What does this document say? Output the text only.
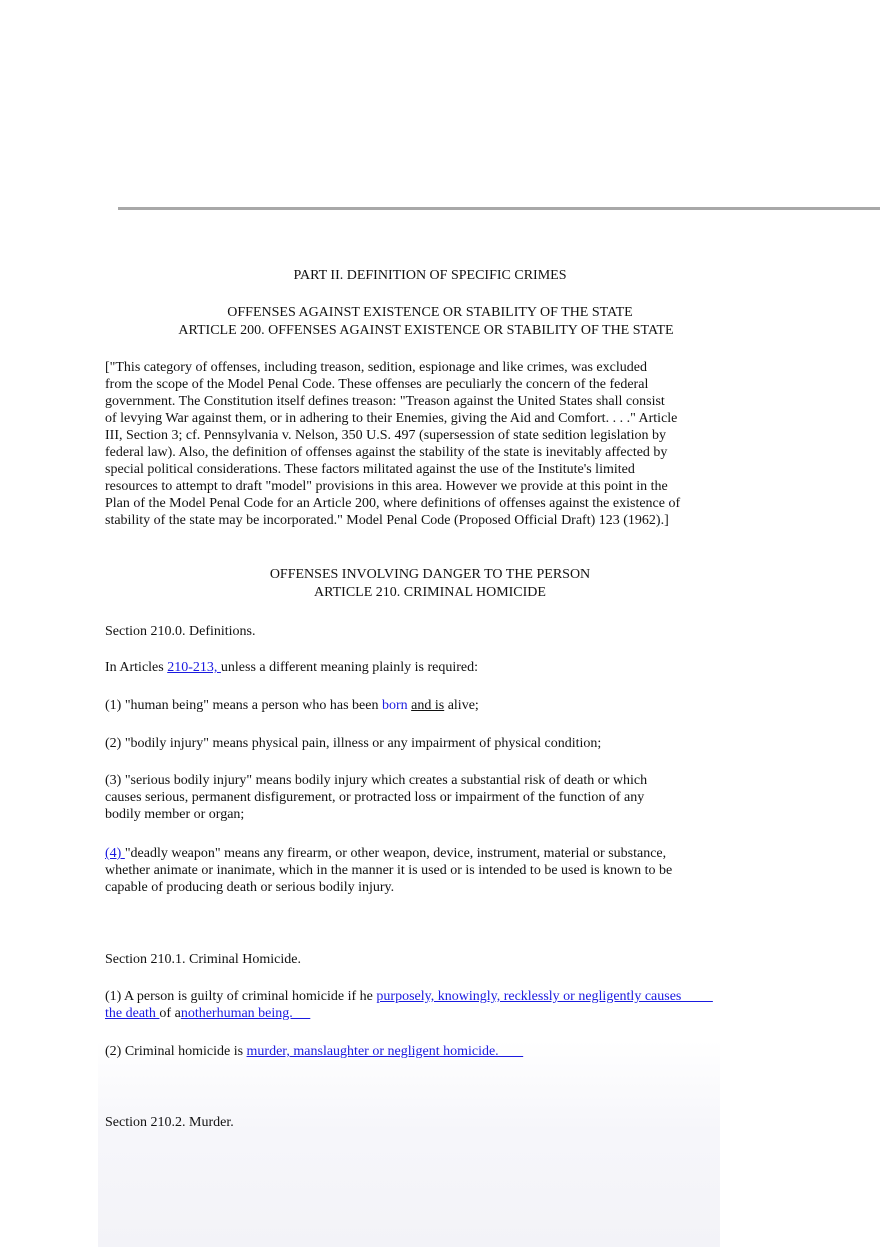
PART II. DEFINITION OF SPECIFIC CRIMES
OFFENSES AGAINST EXISTENCE OR STABILITY OF THE STATE
ARTICLE 200. OFFENSES AGAINST EXISTENCE OR STABILITY OF THE STATE
["This category of offenses, including treason, sedition, espionage and like crimes, was excluded
from the scope of the Model Penal Code. These offenses are peculiarly the concern of the federal
government. The Constitution itself defines treason: "Treason against the United States shall consist
of levying War against them, or in adhering to their Enemies, giving the Aid and Comfort. . . ." Article
III, Section 3; cf. Pennsylvania v. Nelson, 350 U.S. 497 (supersession of state sedition legislation by
federal law). Also, the definition of offenses against the stability of the state is inevitably affected by
special political considerations. These factors militated against the use of the Institute's limited
resources to attempt to draft "model" provisions in this area. However we provide at this point in the
Plan of the Model Penal Code for an Article 200, where definitions of offenses against the existence of
stability of the state may be incorporated." Model Penal Code (Proposed Official Draft) 123 (1962).]
OFFENSES INVOLVING DANGER TO THE PERSON
ARTICLE 210. CRIMINAL HOMICIDE
Section 210.0. Definitions.
In Articles 210-213, unless a different meaning plainly is required:
(1) "human being" means a person who has been born and is alive;
(2) "bodily injury" means physical pain, illness or any impairment of physical condition;
(3) "serious bodily injury" means bodily injury which creates a substantial risk of death or which
causes serious, permanent disfigurement, or protracted loss or impairment of the function of any
bodily member or organ;
(4) "deadly weapon" means any firearm, or other weapon, device, instrument, material or substance,
whether animate or inanimate, which in the manner it is used or is intended to be used is known to be
capable of producing death or serious bodily injury.
Section 210.1. Criminal Homicide.
(1) A person is guilty of criminal homicide if he purposely, knowingly, recklessly or negligently causes
the death of anotherhuman being.
(2) Criminal homicide is murder, manslaughter or negligent homicide.
Section 210.2. Murder.
